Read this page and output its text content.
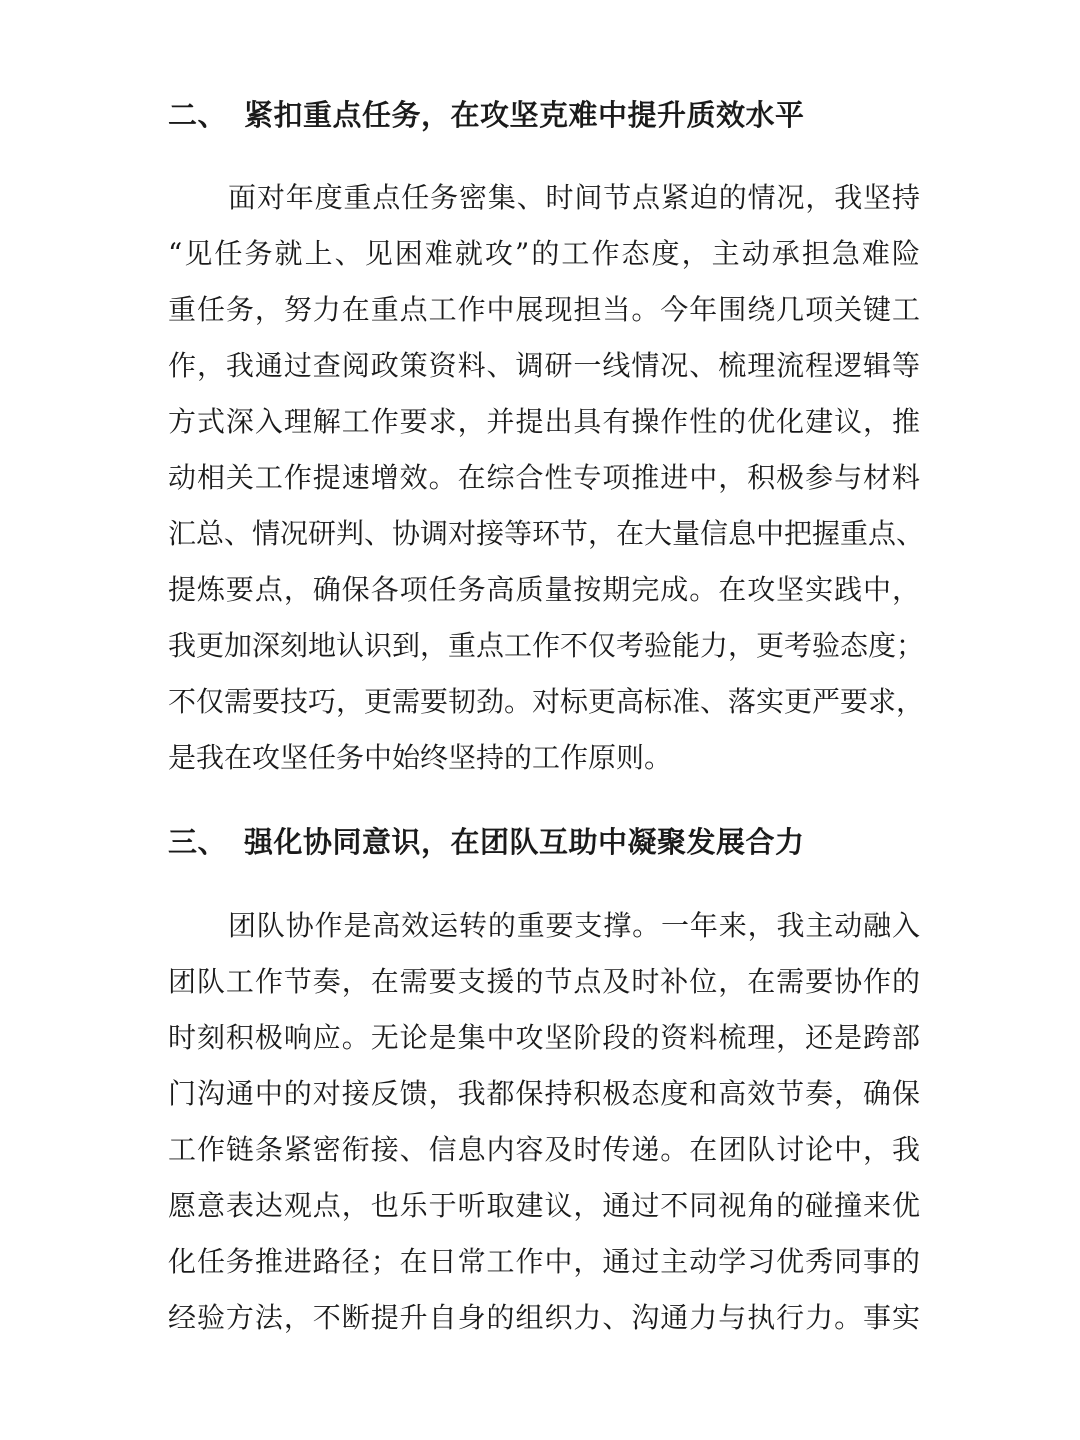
二、 紧扣重点任务，在攻坚克难中提升质效水平
面对年度重点任务密集、时间节点紧迫的情况，我坚持
“见任务就上、见困难就攻”的工作态度，主动承担急难险
重任务，努力在重点工作中展现担当。今年围绕几项关键工
作，我通过查阅政策资料、调研一线情况、梳理流程逻辑等
方式深入理解工作要求，并提出具有操作性的优化建议，推
动相关工作提速增效。在综合性专项推进中，积极参与材料
汇总、情况研判、协调对接等环节，在大量信息中把握重点、
提炼要点，确保各项任务高质量按期完成。在攻坚实践中，
我更加深刻地认识到，重点工作不仅考验能力，更考验态度；
不仅需要技巧，更需要韧劲。对标更高标准、落实更严要求，
是我在攻坚任务中始终坚持的工作原则。
三、 强化协同意识，在团队互助中凝聚发展合力
团队协作是高效运转的重要支撑。一年来，我主动融入
团队工作节奏，在需要支援的节点及时补位，在需要协作的
时刻积极响应。无论是集中攻坚阶段的资料梳理，还是跨部
门沟通中的对接反馈，我都保持积极态度和高效节奏，确保
工作链条紧密衔接、信息内容及时传递。在团队讨论中，我
愿意表达观点，也乐于听取建议，通过不同视角的碰撞来优
化任务推进路径；在日常工作中，通过主动学习优秀同事的
经验方法，不断提升自身的组织力、沟通力与执行力。事实
